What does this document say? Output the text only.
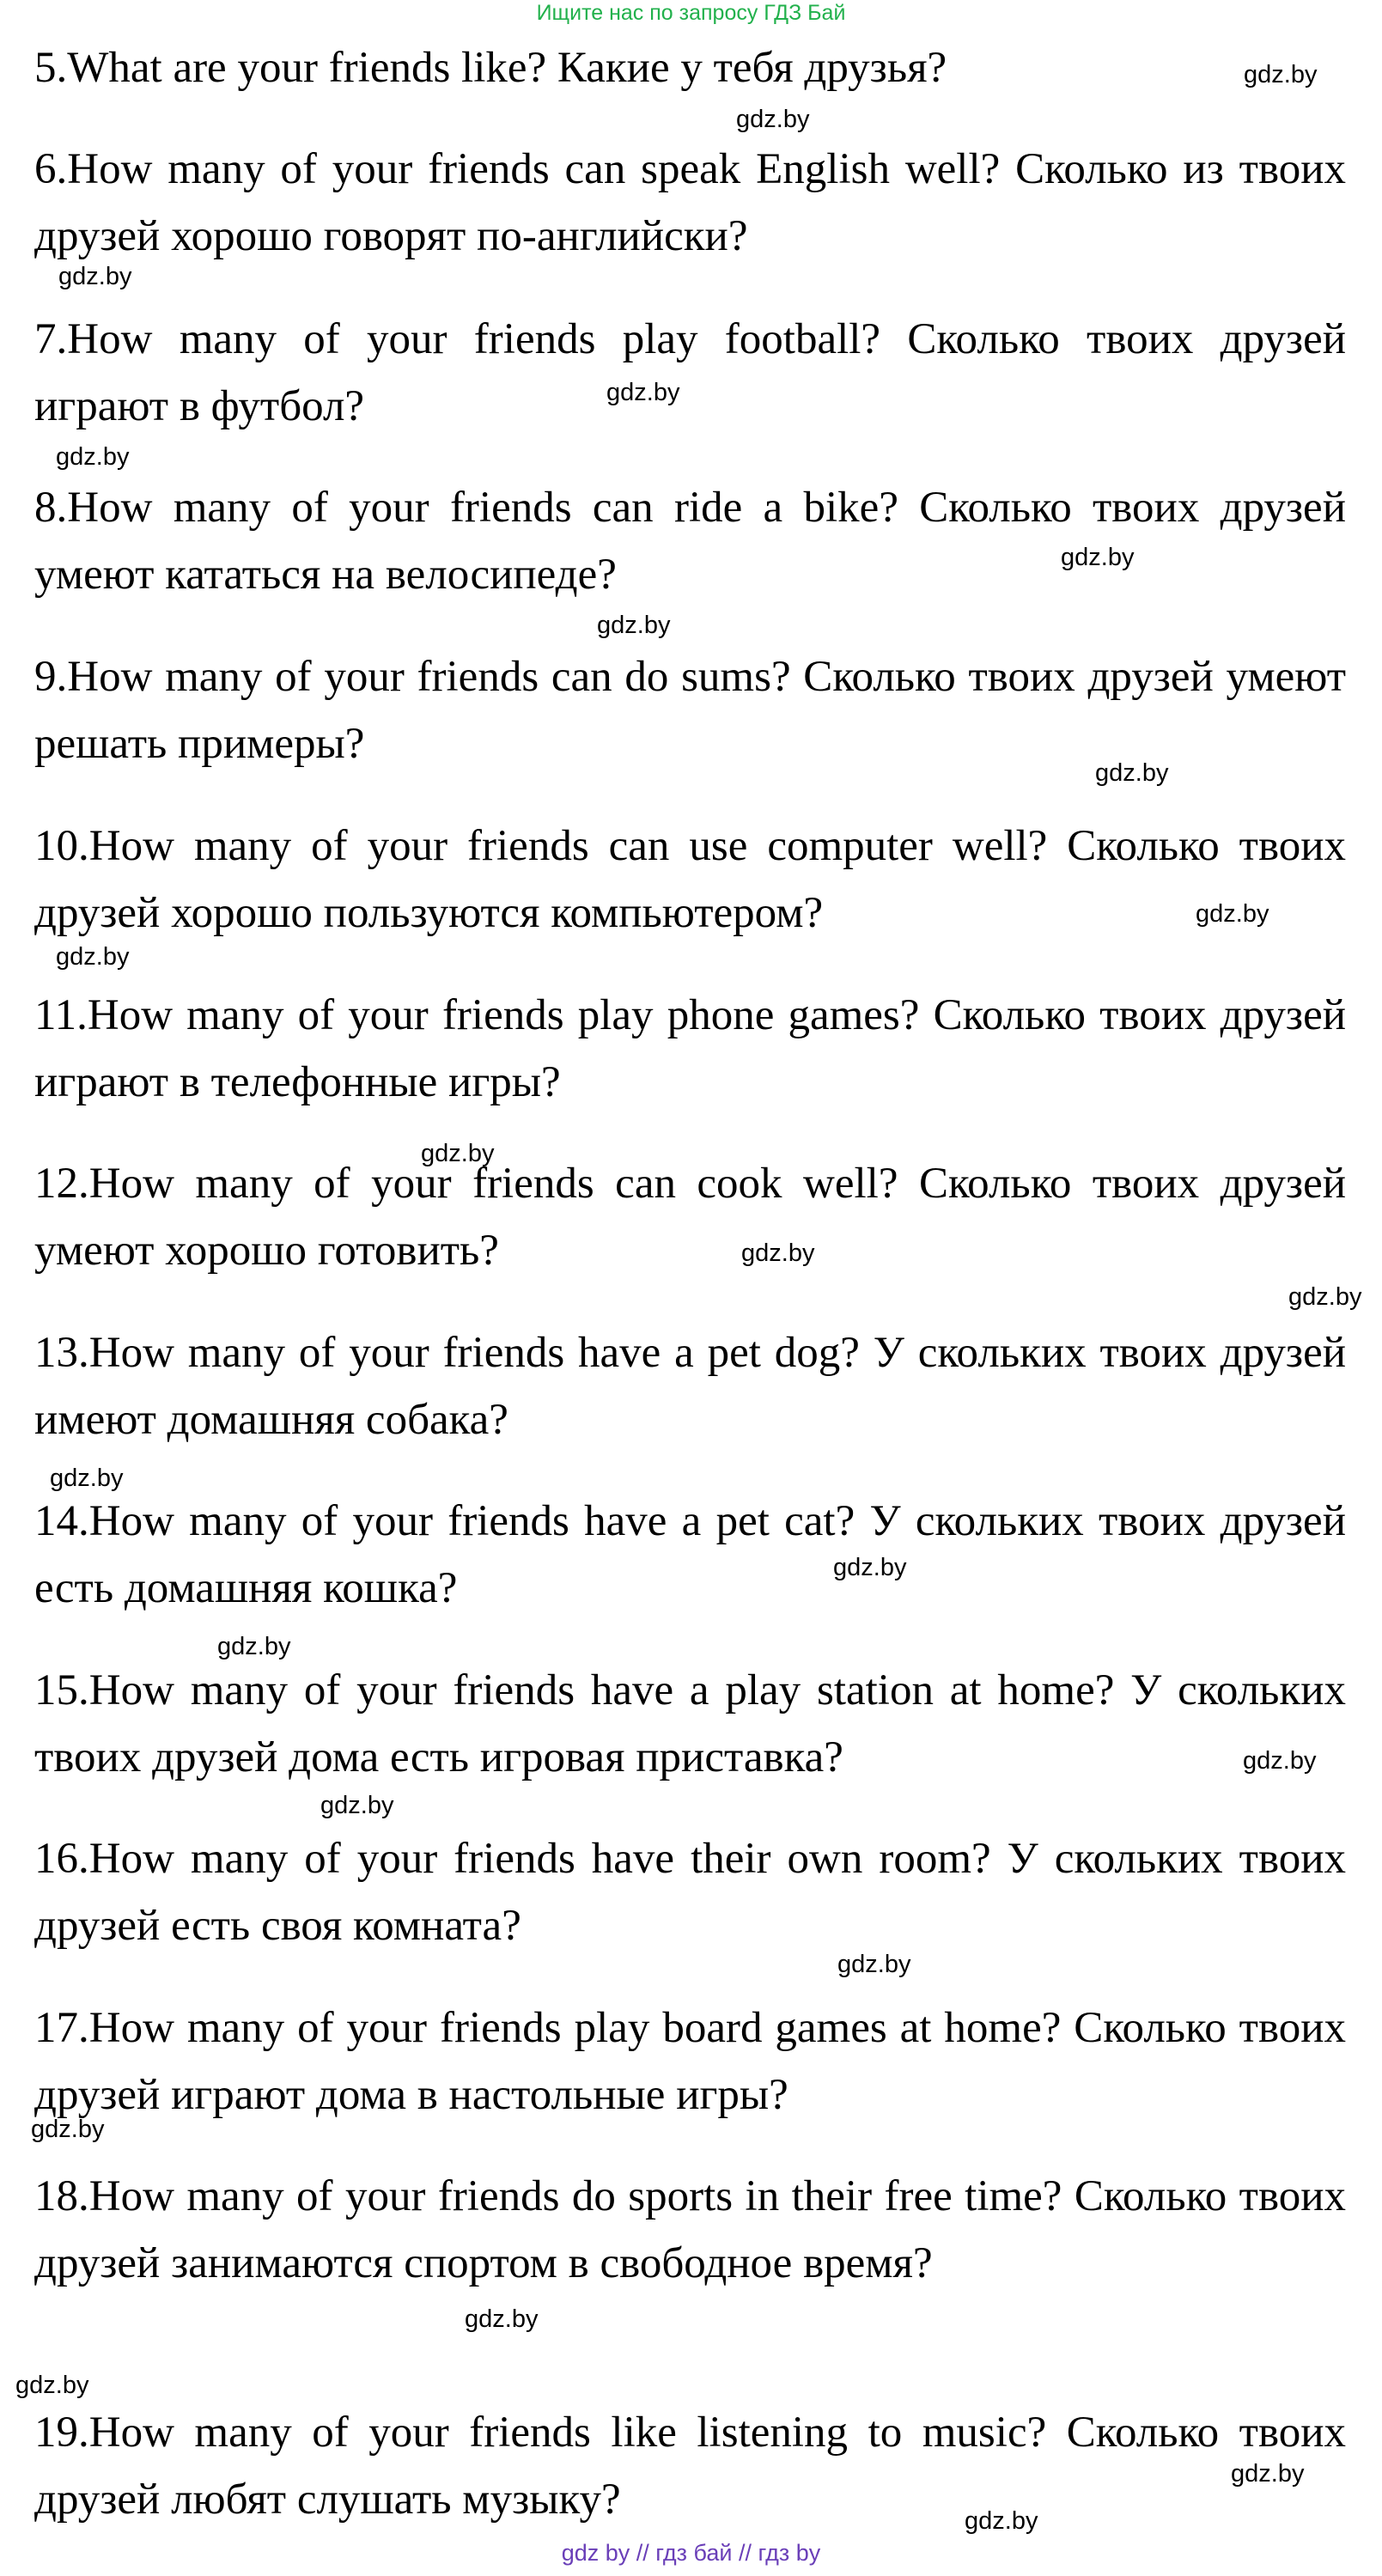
Ищите нас по запросу ГДЗ Бай

5.What are your friends like? Какие у тебя друзья?

6.How many of your friends can speak English well? Сколько из твоих друзей хорошо говорят по-английски?

7.How many of your friends play football? Сколько твоих друзей играют в футбол?

8.How many of your friends can ride a bike? Сколько твоих друзей умеют кататься на велосипеде?

9.How many of your friends can do sums? Сколько твоих друзей умеют решать примеры?

10.How many of your friends can use computer well? Сколько твоих друзей хорошо пользуются компьютером?

11.How many of your friends play phone games? Сколько твоих друзей играют в телефонные игры?

12.How many of your friends can cook well? Сколько твоих друзей умеют хорошо готовить?

13.How many of your friends have a pet dog? У скольких твоих друзей имеют домашняя собака?

14.How many of your friends have a pet cat? У скольких твоих друзей есть домашняя кошка?

15.How many of your friends have a play station at home? У скольких твоих друзей дома есть игровая приставка?

16.How many of your friends have their own room? У скольких твоих друзей есть своя комната?

17.How many of your friends play board games at home? Сколько твоих друзей играют дома в настольные игры?

18.How many of your friends do sports in their free time? Сколько твоих друзей занимаются спортом в свободное время?

19.How many of your friends like listening to music? Сколько твоих друзей любят слушать музыку?

gdz.by
gdz.by
gdz.by
gdz.by
gdz.by
gdz.by
gdz.by
gdz.by
gdz.by
gdz.by
gdz.by
gdz.by
gdz.by
gdz.by
gdz.by
gdz.by
gdz.by
gdz.by
gdz.by
gdz.by
gdz.by
gdz.by
gdz.by
gdz.by
gdz by // гдз бай // гдз by
